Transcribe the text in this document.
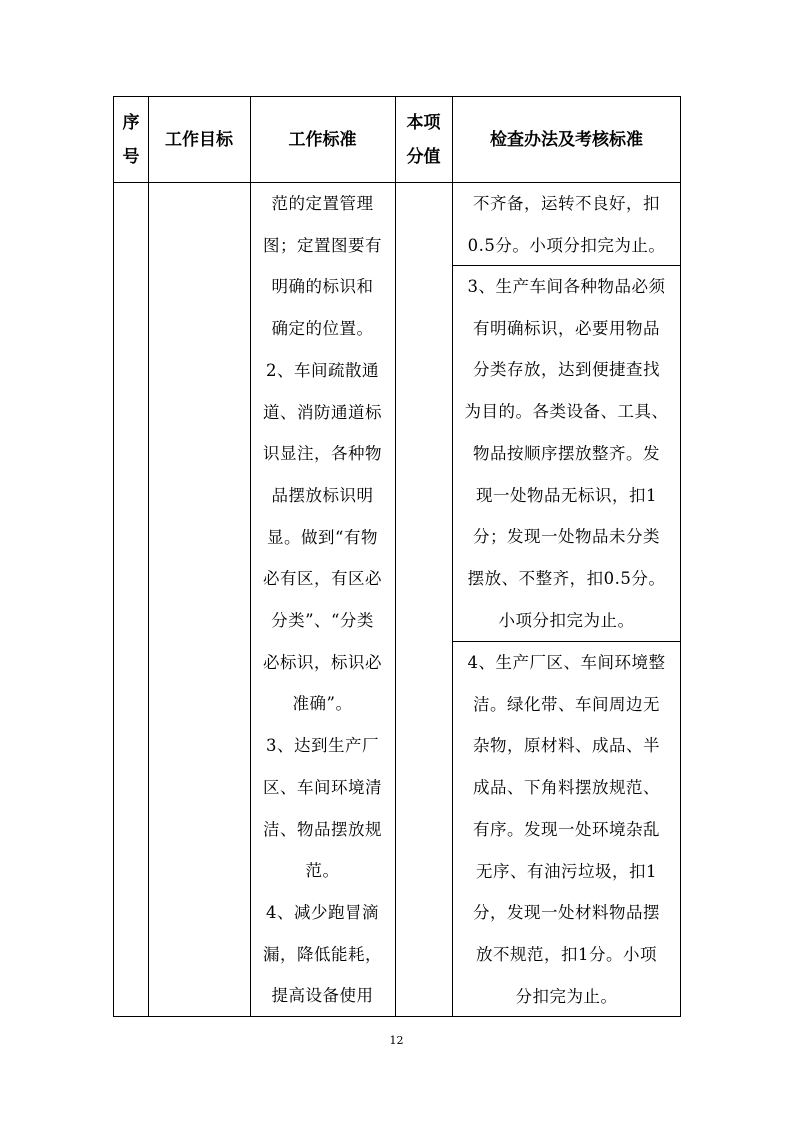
序
号
工作目标	工作标准
本项
分值
检查办法及考核标准
范的定置管理
图；定置图要有
明确的标识和
确定的位置。
2、车间疏散通
道、消防通道标
识显注，各种物
品摆放标识明
显。做到“有物
必有区，有区必
分类”、“分类
必标识，标识必
准确”。
3、达到生产厂
区、车间环境清
洁、物品摆放规
范。
4、减少跑冒滴
漏，降低能耗，
提高设备使用
不齐备，运转不良好，扣
0.5分。小项分扣完为止。
3、生产车间各种物品必须
有明确标识，必要用物品
分类存放，达到便捷查找
为目的。各类设备、工具、
物品按顺序摆放整齐。发
现一处物品无标识，扣1
分；发现一处物品未分类
摆放、不整齐，扣0.5分。
小项分扣完为止。
4、生产厂区、车间环境整
洁。绿化带、车间周边无
杂物，原材料、成品、半
成品、下角料摆放规范、
有序。发现一处环境杂乱
无序、有油污垃圾，扣1
分，发现一处材料物品摆
放不规范，扣1分。小项
分扣完为止。
12
